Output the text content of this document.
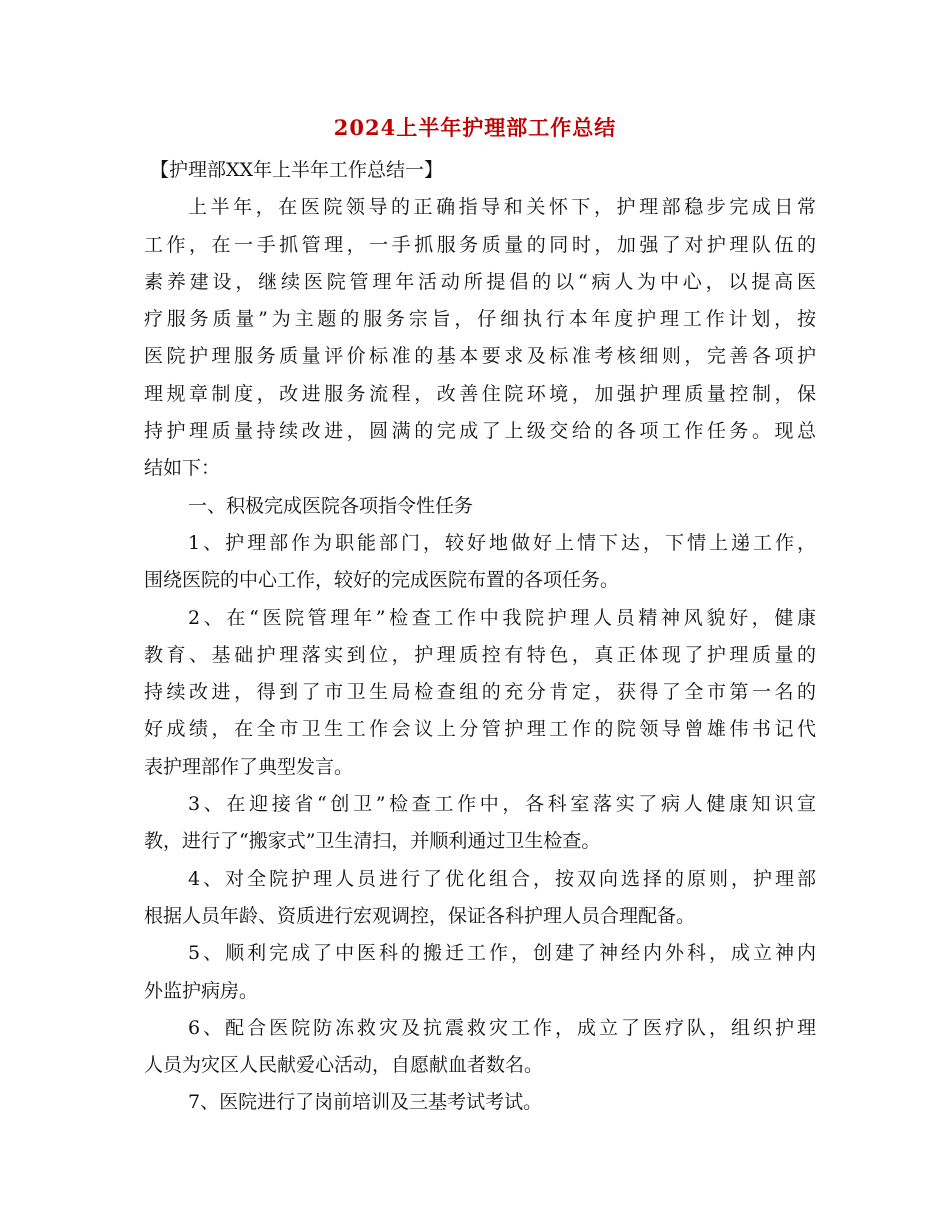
2024上半年护理部工作总结
【护理部XX年上半年工作总结一】
上半年，在医院领导的正确指导和关怀下，护理部稳步完成日常
工作，在一手抓管理，一手抓服务质量的同时，加强了对护理队伍的
素养建设，继续医院管理年活动所提倡的以“病人为中心，以提高医
疗服务质量”为主题的服务宗旨，仔细执行本年度护理工作计划，按
医院护理服务质量评价标准的基本要求及标准考核细则，完善各项护
理规章制度，改进服务流程，改善住院环境，加强护理质量控制，保
持护理质量持续改进，圆满的完成了上级交给的各项工作任务。现总
结如下：
一、积极完成医院各项指令性任务
1、护理部作为职能部门，较好地做好上情下达，下情上递工作，
围绕医院的中心工作，较好的完成医院布置的各项任务。
2、在“医院管理年”检查工作中我院护理人员精神风貌好，健康
教育、基础护理落实到位，护理质控有特色，真正体现了护理质量的
持续改进，得到了市卫生局检查组的充分肯定，获得了全市第一名的
好成绩，在全市卫生工作会议上分管护理工作的院领导曾雄伟书记代
表护理部作了典型发言。
3、在迎接省“创卫”检查工作中，各科室落实了病人健康知识宣
教，进行了“搬家式”卫生清扫，并顺利通过卫生检查。
4、对全院护理人员进行了优化组合，按双向选择的原则，护理部
根据人员年龄、资质进行宏观调控，保证各科护理人员合理配备。
5、顺利完成了中医科的搬迁工作，创建了神经内外科，成立神内
外监护病房。
6、配合医院防冻救灾及抗震救灾工作，成立了医疗队，组织护理
人员为灾区人民献爱心活动，自愿献血者数名。
7、医院进行了岗前培训及三基考试考试。
